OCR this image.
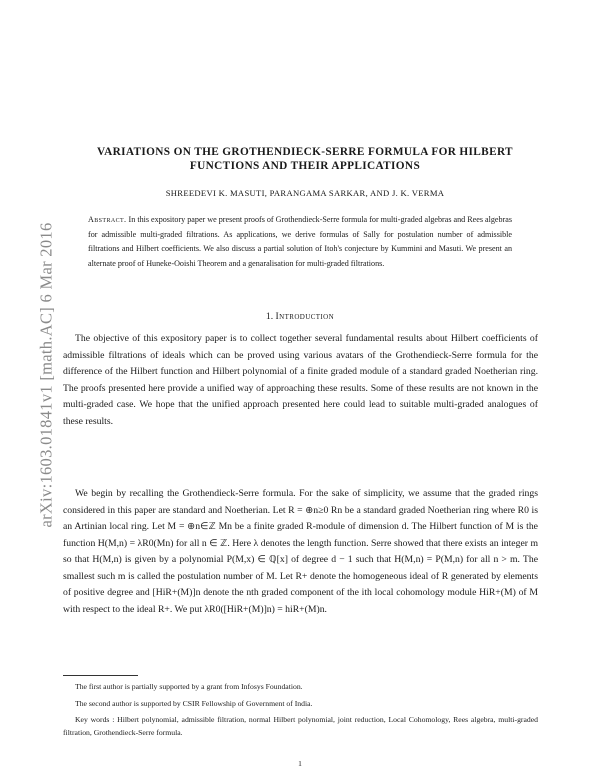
arXiv:1603.01841v1 [math.AC] 6 Mar 2016
VARIATIONS ON THE GROTHENDIECK-SERRE FORMULA FOR HILBERT FUNCTIONS AND THEIR APPLICATIONS
SHREEDEVI K. MASUTI, PARANGAMA SARKAR, AND J. K. VERMA

Abstract. In this expository paper we present proofs of Grothendieck-Serre formula for multi-graded algebras and Rees algebras for admissible multi-graded filtrations. As applications, we derive formulas of Sally for postulation number of admissible filtrations and Hilbert coefficients. We also discuss a partial solution of Itoh's conjecture by Kummini and Masuti. We present an alternate proof of Huneke-Ooishi Theorem and a genaralisation for multi-graded filtrations.

1. Introduction

The objective of this expository paper is to collect together several fundamental results about Hilbert coefficients of admissible filtrations of ideals which can be proved using various avatars of the Grothendieck-Serre formula for the difference of the Hilbert function and Hilbert polynomial of a finite graded module of a standard graded Noetherian ring. The proofs presented here provide a unified way of approaching these results. Some of these results are not known in the multi-graded case. We hope that the unified approach presented here could lead to suitable multi-graded analogues of these results.

We begin by recalling the Grothendieck-Serre formula. For the sake of simplicity, we assume that the graded rings considered in this paper are standard and Noetherian. Let R = ⊕n≥0 Rn be a standard graded Noetherian ring where R0 is an Artinian local ring. Let M = ⊕n∈ℤ Mn be a finite graded R-module of dimension d. The Hilbert function of M is the function H(M,n) = λR0(Mn) for all n ∈ ℤ. Here λ denotes the length function. Serre showed that there exists an integer m so that H(M,n) is given by a polynomial P(M,x) ∈ ℚ[x] of degree d − 1 such that H(M,n) = P(M,n) for all n > m. The smallest such m is called the postulation number of M. Let R+ denote the homogeneous ideal of R generated by elements of positive degree and [HiR+(M)]n denote the nth graded component of the ith local cohomology module HiR+(M) of M with respect to the ideal R+. We put λR0([HiR+(M)]n) = hiR+(M)n.

The first author is partially supported by a grant from Infosys Foundation.

The second author is supported by CSIR Fellowship of Government of India.

Key words : Hilbert polynomial, admissible filtration, normal Hilbert polynomial, joint reduction, Local Cohomology, Rees algebra, multi-graded filtration, Grothendieck-Serre formula.

1
